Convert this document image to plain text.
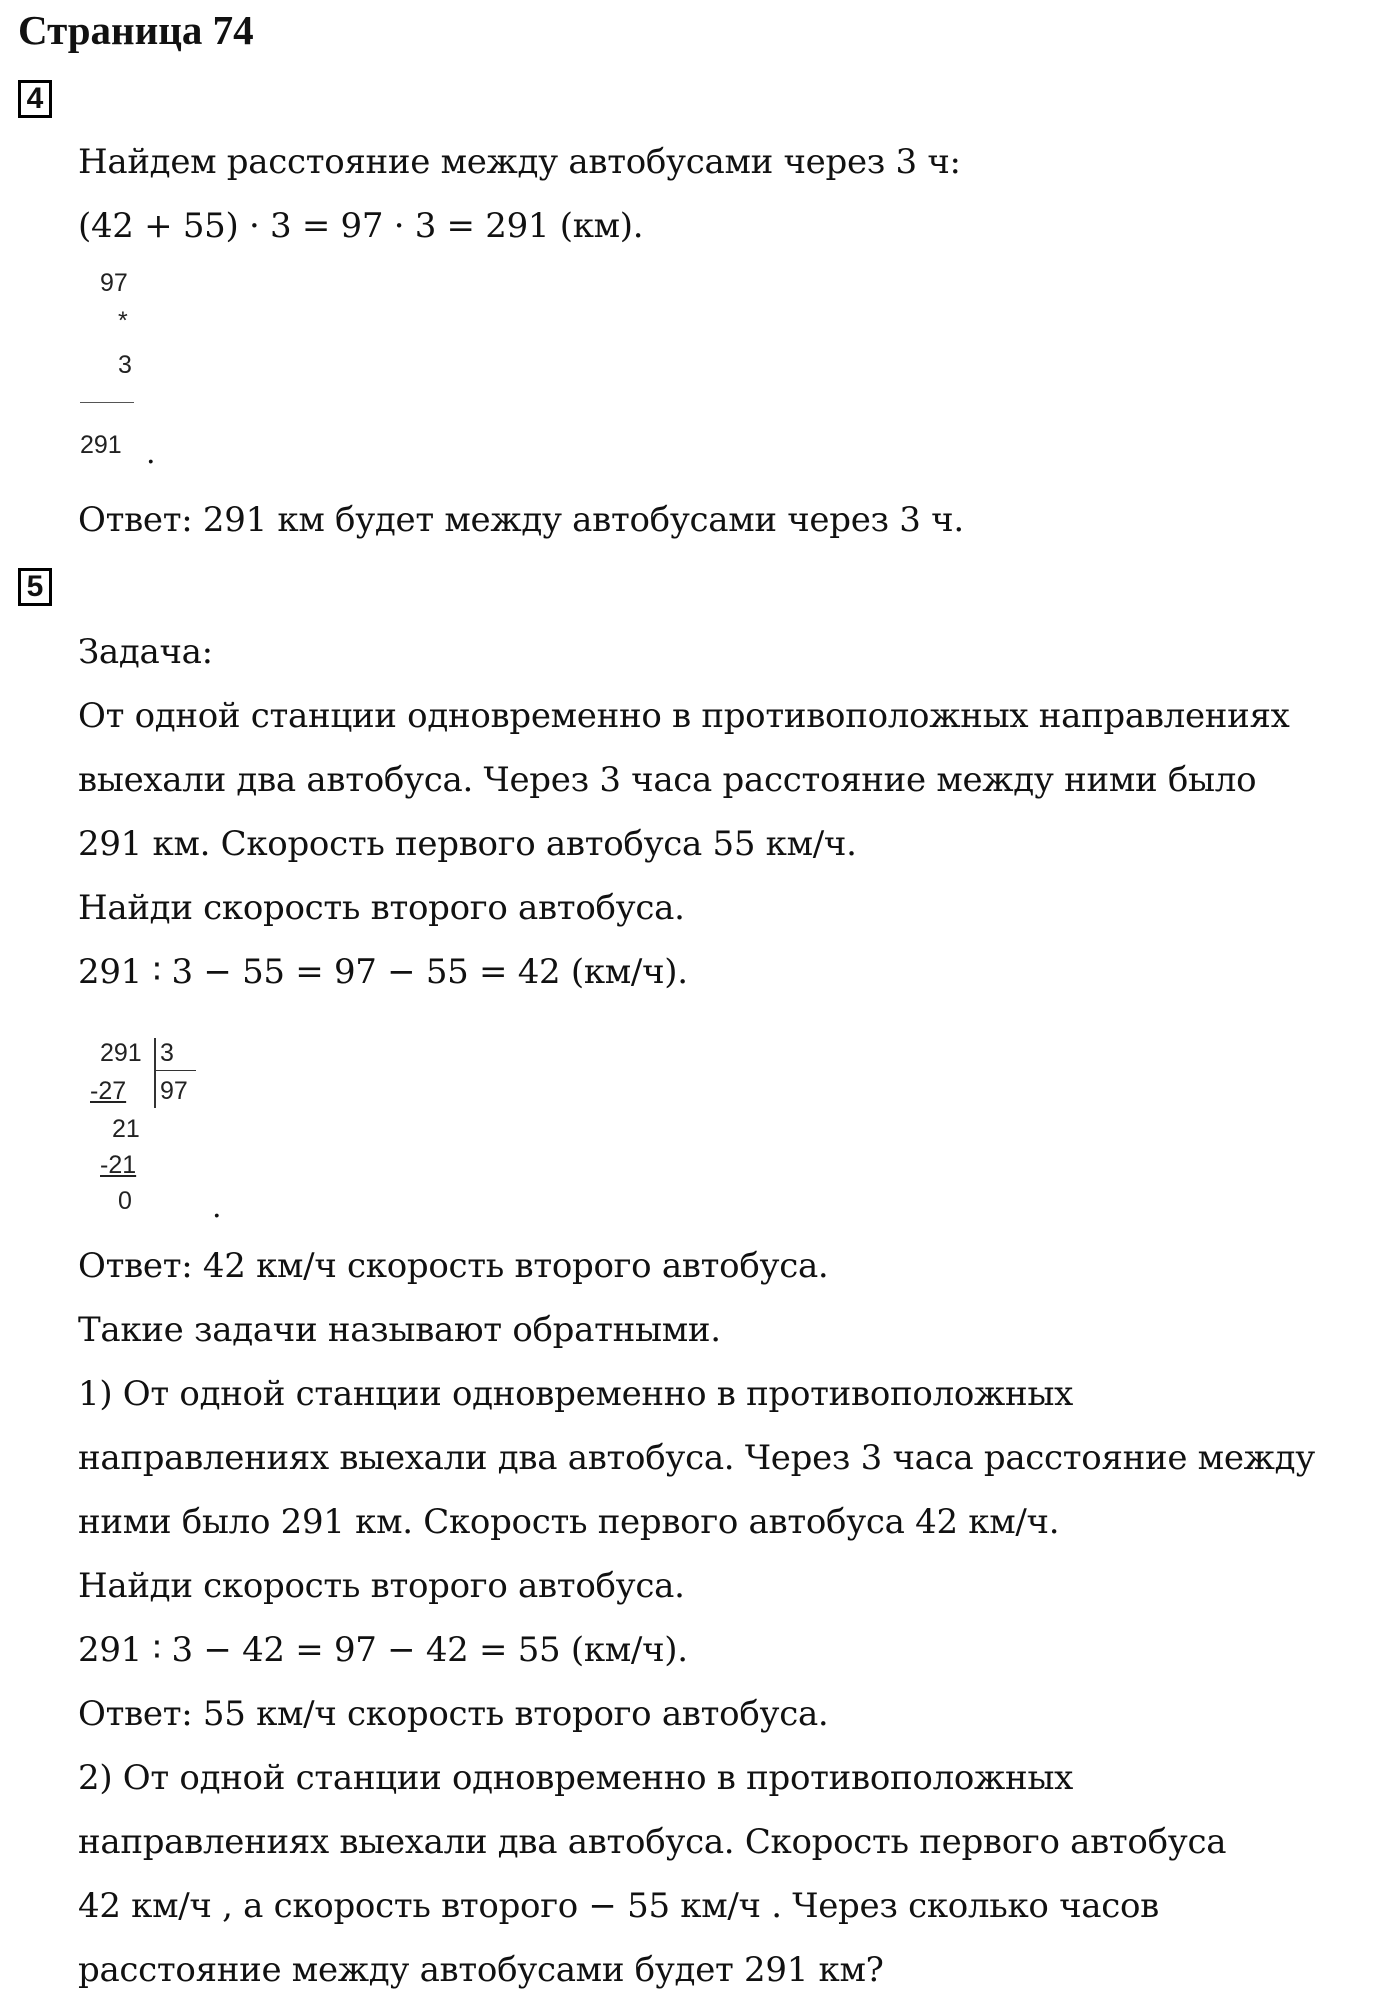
Страница 74
4
Найдем расстояние между автобусами через 3 ч:
(42 + 55) · 3 = 97 · 3 = 291 (км).
97
*
3
291 .
Ответ: 291 км будет между автобусами через 3 ч.
5
Задача:
От одной станции одновременно в противоположных направлениях
выехали два автобуса. Через 3 часа расстояние между ними было
291 км. Скорость первого автобуса 55 км/ч.
Найди скорость второго автобуса.
291 ∶ 3 − 55 = 97 − 55 = 42 (км/ч).
291 3
-27 97
21
-21
0	.
Ответ: 42 км/ч скорость второго автобуса.
Такие задачи называют обратными.
1) От одной станции одновременно в противоположных
направлениях выехали два автобуса. Через 3 часа расстояние между
ними было 291 км. Скорость первого автобуса 42 км/ч.
Найди скорость второго автобуса.
291 ∶ 3 − 42 = 97 − 42 = 55 (км/ч).
Ответ: 55 км/ч скорость второго автобуса.
2) От одной станции одновременно в противоположных
направлениях выехали два автобуса. Скорость первого автобуса
42 км/ч , а скорость второго − 55 км/ч . Через сколько часов
расстояние между автобусами будет 291 км?
